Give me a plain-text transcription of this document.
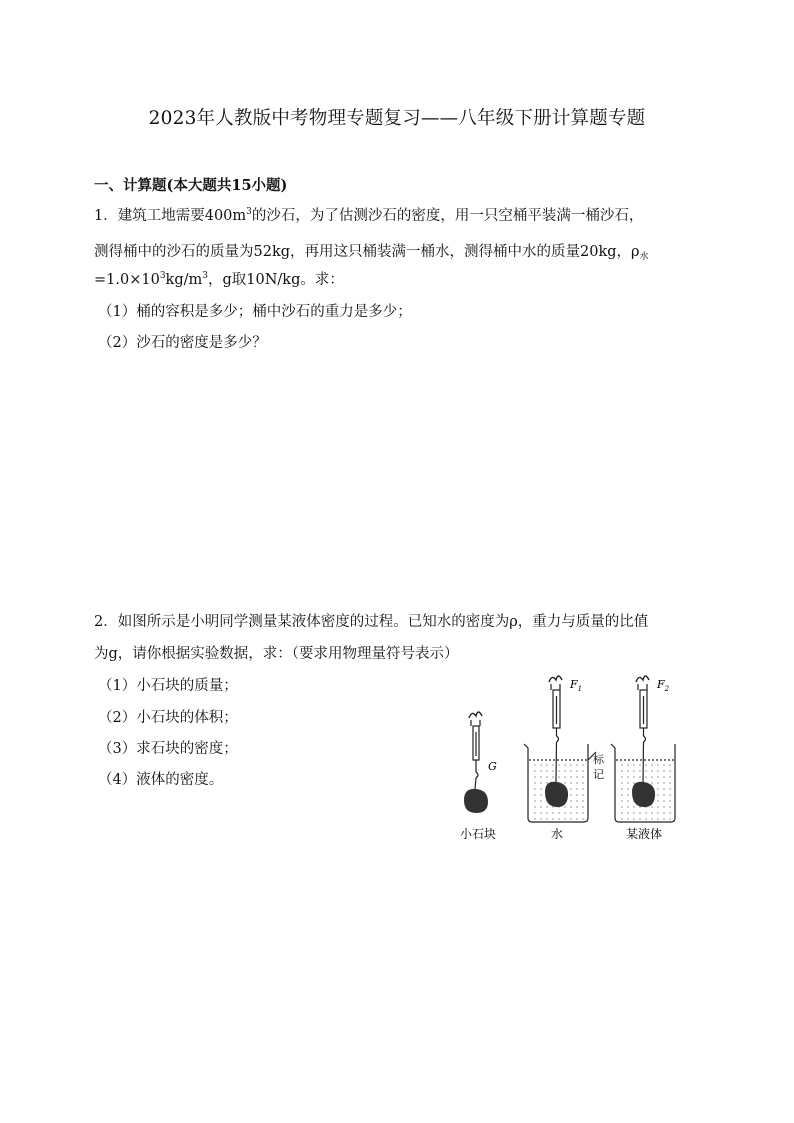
2023年人教版中考物理专题复习——八年级下册计算题专题
一、计算题(本大题共15小题)
1．建筑工地需要$400m^3$的沙石，为了估测沙石的密度，用一只空桶平装满一桶沙石，
测得桶中的沙石的质量为52kg，再用这只桶装满一桶水，测得桶中水的质量20kg，$\rho_水$
$=1.0\times 10^3kg/m^3$，g取10N/kg。求：
（1）桶的容积是多少；桶中沙石的重力是多少；
（2）沙石的密度是多少？
2．如图所示是小明同学测量某液体密度的过程。已知水的密度为ρ，重力与质量的比值
为g，请你根据实验数据，求：（要求用物理量符号表示）
（1）小石块的质量；
（2）小石块的体积；
（3）求石块的密度；
（4）液体的密度。
G
$F_1$	$F_2$
标
记
小石块	水	某液体
